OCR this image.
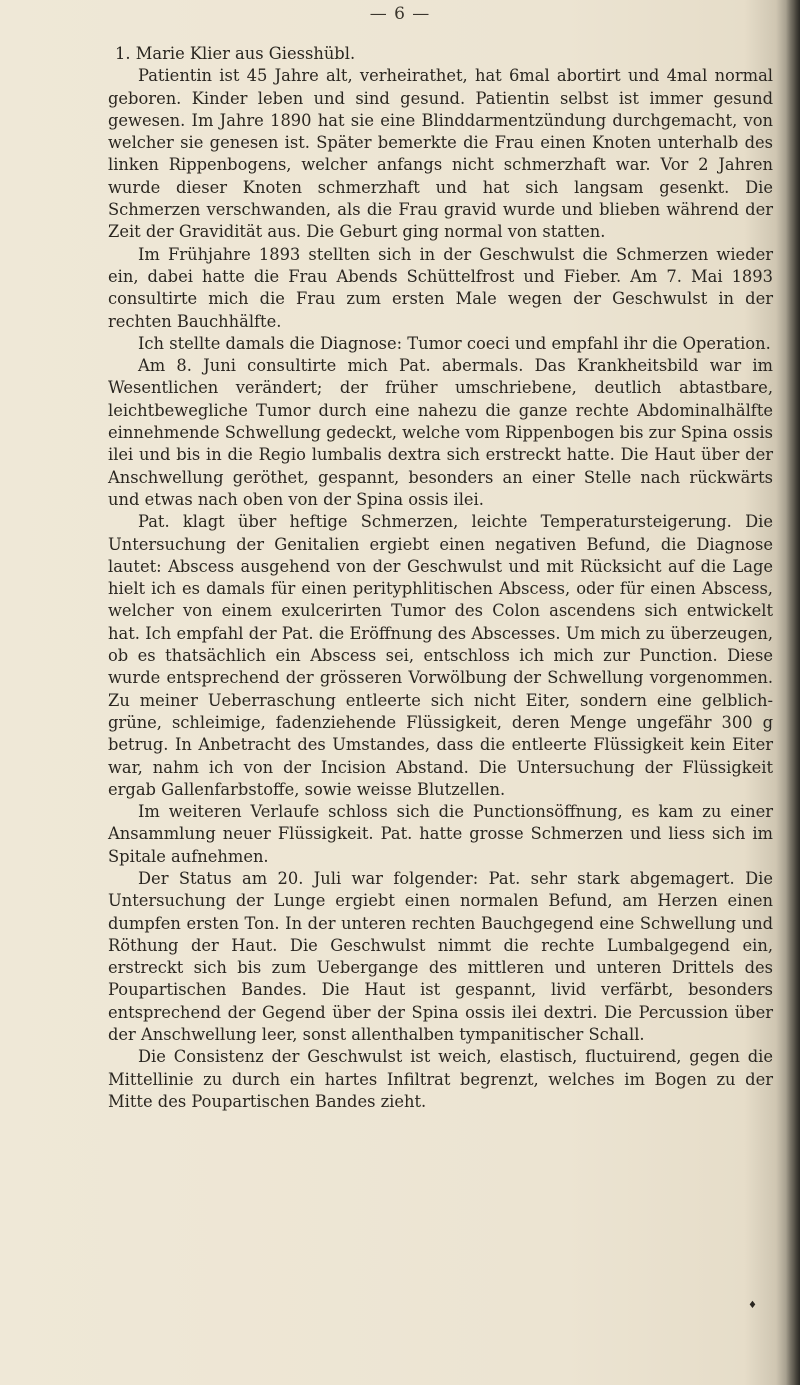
— 6 —

1. Marie Klier aus Giesshübl.

Patientin ist 45 Jahre alt, verheirathet, hat 6mal abortirt und 4mal normal geboren. Kinder leben und sind gesund. Patientin selbst ist immer gesund gewesen. Im Jahre 1890 hat sie eine Blinddarmentzündung durchgemacht, von welcher sie genesen ist. Später bemerkte die Frau einen Knoten unterhalb des linken Rippenbogens, welcher anfangs nicht schmerzhaft war. Vor 2 Jahren wurde dieser Knoten schmerzhaft und hat sich langsam gesenkt. Die Schmerzen verschwanden, als die Frau gravid wurde und blieben während der Zeit der Gravidität aus. Die Geburt ging normal von statten.

Im Frühjahre 1893 stellten sich in der Geschwulst die Schmerzen wieder ein, dabei hatte die Frau Abends Schüttelfrost und Fieber. Am 7. Mai 1893 consultirte mich die Frau zum ersten Male wegen der Geschwulst in der rechten Bauchhälfte.

Ich stellte damals die Diagnose: Tumor coeci und empfahl ihr die Operation.

Am 8. Juni consultirte mich Pat. abermals. Das Krankheitsbild war im Wesentlichen verändert; der früher umschriebene, deutlich abtastbare, leichtbewegliche Tumor durch eine nahezu die ganze rechte Abdominalhälfte einnehmende Schwellung gedeckt, welche vom Rippenbogen bis zur Spina ossis ilei und bis in die Regio lumbalis dextra sich erstreckt hatte. Die Haut über der Anschwellung geröthet, gespannt, besonders an einer Stelle nach rückwärts und etwas nach oben von der Spina ossis ilei.

Pat. klagt über heftige Schmerzen, leichte Temperatursteigerung. Die Untersuchung der Genitalien ergiebt einen negativen Befund, die Diagnose lautet: Abscess ausgehend von der Geschwulst und mit Rücksicht auf die Lage hielt ich es damals für einen perityphlitischen Abscess, oder für einen Abscess, welcher von einem exulcerirten Tumor des Colon ascendens sich entwickelt hat. Ich empfahl der Pat. die Eröffnung des Abscesses. Um mich zu überzeugen, ob es thatsächlich ein Abscess sei, entschloss ich mich zur Punction. Diese wurde entsprechend der grösseren Vorwölbung der Schwellung vorgenommen. Zu meiner Ueberraschung entleerte sich nicht Eiter, sondern eine gelblich-grüne, schleimige, fadenziehende Flüssigkeit, deren Menge ungefähr 300 g betrug. In Anbetracht des Umstandes, dass die entleerte Flüssigkeit kein Eiter war, nahm ich von der Incision Abstand. Die Untersuchung der Flüssigkeit ergab Gallenfarbstoffe, sowie weisse Blutzellen.

Im weiteren Verlaufe schloss sich die Punctionsöffnung, es kam zu einer Ansammlung neuer Flüssigkeit. Pat. hatte grosse Schmerzen und liess sich im Spitale aufnehmen.

Der Status am 20. Juli war folgender: Pat. sehr stark abgemagert. Die Untersuchung der Lunge ergiebt einen normalen Befund, am Herzen einen dumpfen ersten Ton. In der unteren rechten Bauchgegend eine Schwellung und Röthung der Haut. Die Geschwulst nimmt die rechte Lumbalgegend ein, erstreckt sich bis zum Uebergange des mittleren und unteren Drittels des Poupartischen Bandes. Die Haut ist gespannt, livid verfärbt, besonders entsprechend der Gegend über der Spina ossis ilei dextri. Die Percussion über der Anschwellung leer, sonst allenthalben tympanitischer Schall.

Die Consistenz der Geschwulst ist weich, elastisch, fluctuirend, gegen die Mittellinie zu durch ein hartes Infiltrat begrenzt, welches im Bogen zu der Mitte des Poupartischen Bandes zieht.

♦
